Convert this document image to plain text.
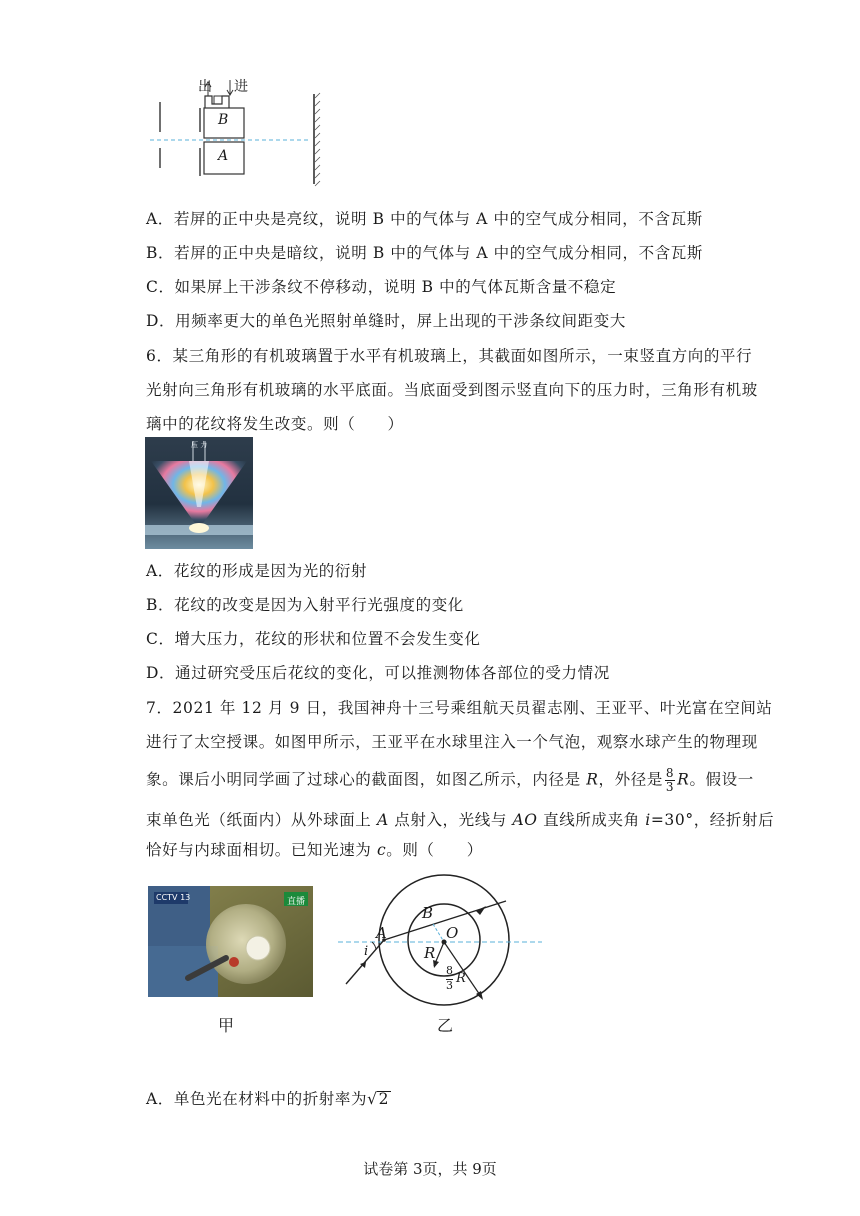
出 进
B
A
A．若屏的正中央是亮纹，说明 B 中的气体与 A 中的空气成分相同，不含瓦斯
B．若屏的正中央是暗纹，说明 B 中的气体与 A 中的空气成分相同，不含瓦斯
C．如果屏上干涉条纹不停移动，说明 B 中的气体瓦斯含量不稳定
D．用频率更大的单色光照射单缝时，屏上出现的干涉条纹间距变大
6．某三角形的有机玻璃置于水平有机玻璃上，其截面如图所示，一束竖直方向的平行
光射向三角形有机玻璃的水平底面。当底面受到图示竖直向下的压力时，三角形有机玻
璃中的花纹将发生改变。则（　　）
压 力
A．花纹的形成是因为光的衍射
B．花纹的改变是因为入射平行光强度的变化
C．增大压力，花纹的形状和位置不会发生变化
D．通过研究受压后花纹的变化，可以推测物体各部位的受力情况
7．2021 年 12 月 9 日，我国神舟十三号乘组航天员翟志刚、王亚平、叶光富在空间站
进行了太空授课。如图甲所示，王亚平在水球里注入一个气泡，观察水球产生的物理现
象。课后小明同学画了过球心的截面图，如图乙所示，内径是 R，外径是 $\frac{8}{3}$ R。假设一
束单色光（纸面内）从外球面上 A 点射入，光线与 AO 直线所成夹角 i=30°，经折射后
恰好与内球面相切。已知光速为 c。则（　　）
CCTV 13	直播
甲
B
O
A
i	R
8
3 R
乙
A．单色光在材料中的折射率为√2
试卷第 3页，共 9页
